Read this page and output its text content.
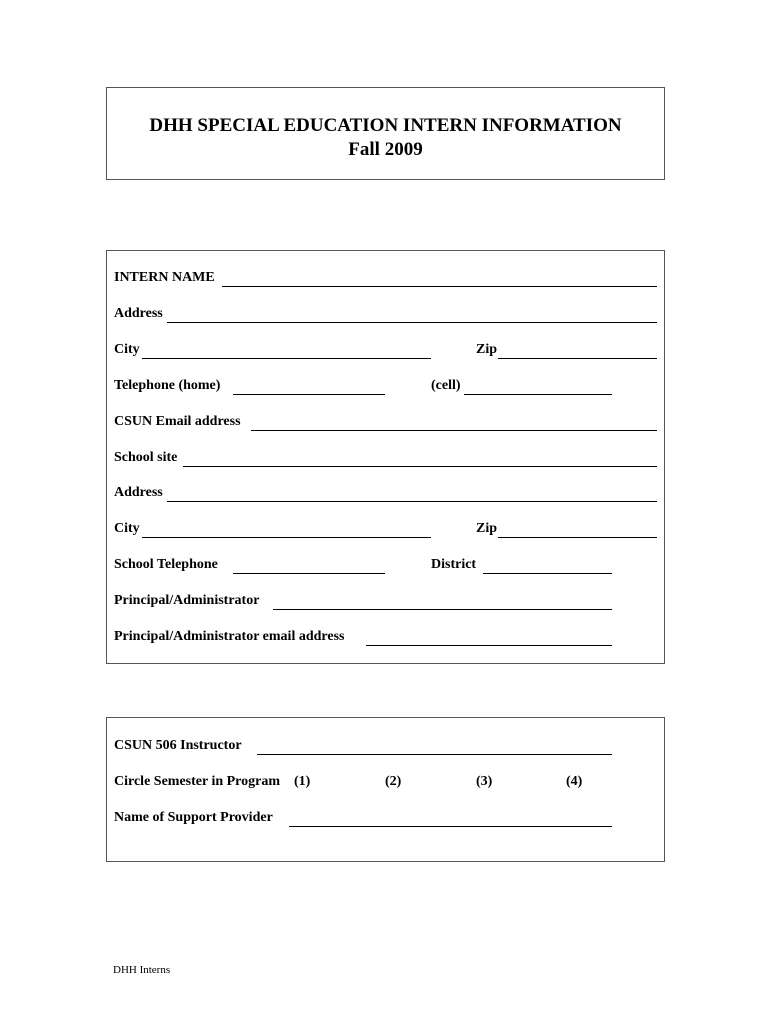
DHH SPECIAL EDUCATION INTERN INFORMATION
Fall 2009
INTERN NAME
Address
City	Zip
Telephone (home)	(cell)
CSUN Email address
School site
Address
City	Zip
School Telephone	District
Principal/Administrator
Principal/Administrator email address
CSUN 506 Instructor
Circle Semester in Program (1)	(2)	(3)	(4)
Name of Support Provider
DHH Interns
